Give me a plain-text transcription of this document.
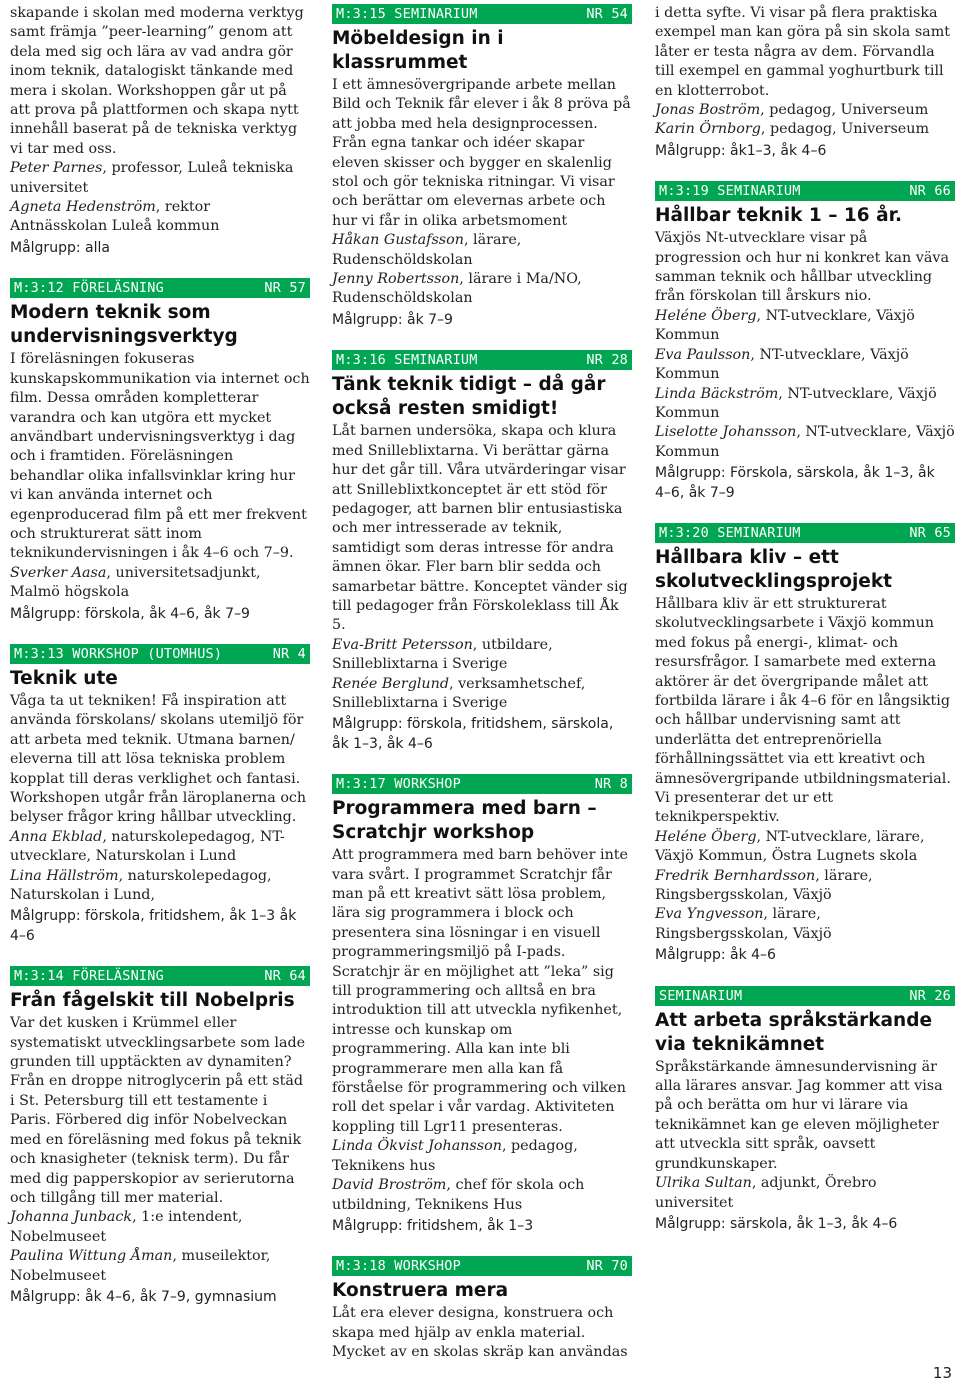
skapande i skolan med moderna verktyg samt främja ”peer-learning” genom att dela med sig och lära av vad andra gör inom teknik, datalogiskt tänkande med mera i skolan. Workshoppen går ut på att prova på plattformen och skapa nytt innehåll baserat på de tekniska verktyg vi tar med oss.

Peter Parnes, professor, Luleå tekniska universitet
Agneta Hedenström, rektor Antnässkolan Luleå kommun

Målgrupp: alla

M:3:12 FÖRELÄSNING	NR 57
Modern teknik som undervisningsverktyg

I föreläsningen fokuseras kunskapskommunikation via internet och film. Dessa områden kompletterar varandra och kan utgöra ett mycket användbart undervisningsverktyg i dag och i framtiden. Föreläsningen behandlar olika infallsvinklar kring hur vi kan använda internet och egenproducerad film på ett mer frekvent och strukturerat sätt inom teknikundervisningen i åk 4–6 och 7–9.

Sverker Aasa, universitetsadjunkt, Malmö högskola

Målgrupp: förskola, åk 4–6, åk 7–9

M:3:13 WORKSHOP (UTOMHUS)	NR 4
Teknik ute

Våga ta ut tekniken! Få inspiration att använda förskolans/ skolans utemiljö för att arbeta med teknik. Utmana barnen/ eleverna till att lösa tekniska problem kopplat till deras verklighet och fantasi. Workshopen utgår från läroplanerna och belyser frågor kring hållbar utveckling.

Anna Ekblad, naturskolepedagog, NT-utvecklare, Naturskolan i Lund
Lina Hällström, naturskolepedagog, Naturskolan i Lund,

Målgrupp: förskola, fritidshem, åk 1–3 åk 4–6

M:3:14 FÖRELÄSNING	NR 64
Från fågelskit till Nobelpris

Var det kusken i Krümmel eller systematiskt utvecklingsarbete som lade grunden till upptäckten av dynamiten? Från en droppe nitroglycerin på ett städ i St. Petersburg till ett testamente i Paris. Förbered dig inför Nobelveckan med en föreläsning med fokus på teknik och knasigheter (teknisk term). Du får med dig papperskopior av serierutorna och tillgång till mer material.

Johanna Junback, 1:e intendent, Nobelmuseet
Paulina Wittung Åman, museilektor, Nobelmuseet

Målgrupp: åk 4–6, åk 7–9, gymnasium

M:3:15 SEMINARIUM	NR 54
Möbeldesign in i klassrummet

I ett ämnesövergripande arbete mellan Bild och Teknik får elever i åk 8 pröva på att jobba med hela designprocessen. Från egna tankar och idéer skapar eleven skisser och bygger en skalenlig stol och gör tekniska ritningar. Vi visar och berättar om elevernas arbete och hur vi får in olika arbetsmoment

Håkan Gustafsson, lärare, Rudenschöldskolan
Jenny Robertsson, lärare i Ma/NO, Rudenschöldskolan

Målgrupp: åk 7–9

M:3:16 SEMINARIUM	NR 28
Tänk teknik tidigt – då går också resten smidigt!

Låt barnen undersöka, skapa och klura med Snilleblixtarna. Vi berättar gärna hur det går till. Våra utvärderingar visar att Snilleblixtkonceptet är ett stöd för pedagoger, att barnen blir entusiastiska och mer intresserade av teknik, samtidigt som deras intresse för andra ämnen ökar. Fler barn blir sedda och samarbetar bättre. Konceptet vänder sig till pedagoger från Förskoleklass till Åk 5.

Eva-Britt Petersson, utbildare, Snilleblixtarna i Sverige
Renée Berglund, verksamhetschef, Snilleblixtarna i Sverige

Målgrupp: förskola, fritidshem, särskola, åk 1–3, åk 4–6

M:3:17 WORKSHOP	NR 8
Programmera med barn – Scratchjr workshop

Att programmera med barn behöver inte vara svårt. I programmet Scratchjr får man på ett kreativt sätt lösa problem, lära sig programmera i block och presentera sina lösningar i en visuell programmeringsmiljö på I-pads. Scratchjr är en möjlighet att ”leka” sig till programmering och alltså en bra introduktion till att utveckla nyfikenhet, intresse och kunskap om programmering. Alla kan inte bli programmerare men alla kan få förståelse för programmering och vilken roll det spelar i vår vardag. Aktiviteten koppling till Lgr11 presenteras.

Linda Ökvist Johansson, pedagog, Teknikens hus
David Broström, chef för skola och utbildning, Teknikens Hus

Målgrupp: fritidshem, åk 1–3

M:3:18 WORKSHOP	NR 70
Konstruera mera

Låt era elever designa, konstruera och skapa med hjälp av enkla material. Mycket av en skolas skräp kan användas

i detta syfte. Vi visar på flera praktiska exempel man kan göra på sin skola samt låter er testa några av dem. Förvandla till exempel en gammal yoghurtburk till en klotterrobot.

Jonas Boström, pedagog, Universeum
Karin Örnborg, pedagog, Universeum

Målgrupp: åk1–3, åk 4–6

M:3:19 SEMINARIUM	NR 66
Hållbar teknik 1 – 16 år.

Växjös Nt-utvecklare visar på progression och hur ni konkret kan väva samman teknik och hållbar utveckling från förskolan till årskurs nio.

Heléne Öberg, NT-utvecklare, Växjö Kommun
Eva Paulsson, NT-utvecklare, Växjö Kommun
Linda Bäckström, NT-utvecklare, Växjö Kommun
Liselotte Johansson, NT-utvecklare, Växjö Kommun

Målgrupp: Förskola, särskola, åk 1–3, åk 4–6, åk 7–9

M:3:20 SEMINARIUM	NR 65
Hållbara kliv – ett skolutvecklingsprojekt

Hållbara kliv är ett strukturerat skolutvecklingsarbete i Växjö kommun med fokus på energi-, klimat- och resursfrågor. I samarbete med externa aktörer är det övergripande målet att fortbilda lärare i åk 4–6 för en långsiktig och hållbar undervisning samt att underlätta det entreprenöriella förhållningssättet via ett kreativt och ämnesövergripande utbildningsmaterial. Vi presenterar det ur ett teknikperspektiv.

Heléne Öberg, NT-utvecklare, lärare, Växjö Kommun, Östra Lugnets skola
Fredrik Bernhardsson, lärare, Ringsbergsskolan, Växjö
Eva Yngvesson, lärare, Ringsbergsskolan, Växjö

Målgrupp: åk 4–6

SEMINARIUM	NR 26
Att arbeta språkstärkande via teknikämnet

Språkstärkande ämnesundervisning är alla lärares ansvar. Jag kommer att visa på och berätta om hur vi lärare via teknikämnet kan ge eleven möjligheter att utveckla sitt språk, oavsett grundkunskaper.

Ulrika Sultan, adjunkt, Örebro universitet

Målgrupp: särskola, åk 1–3, åk 4–6

13
